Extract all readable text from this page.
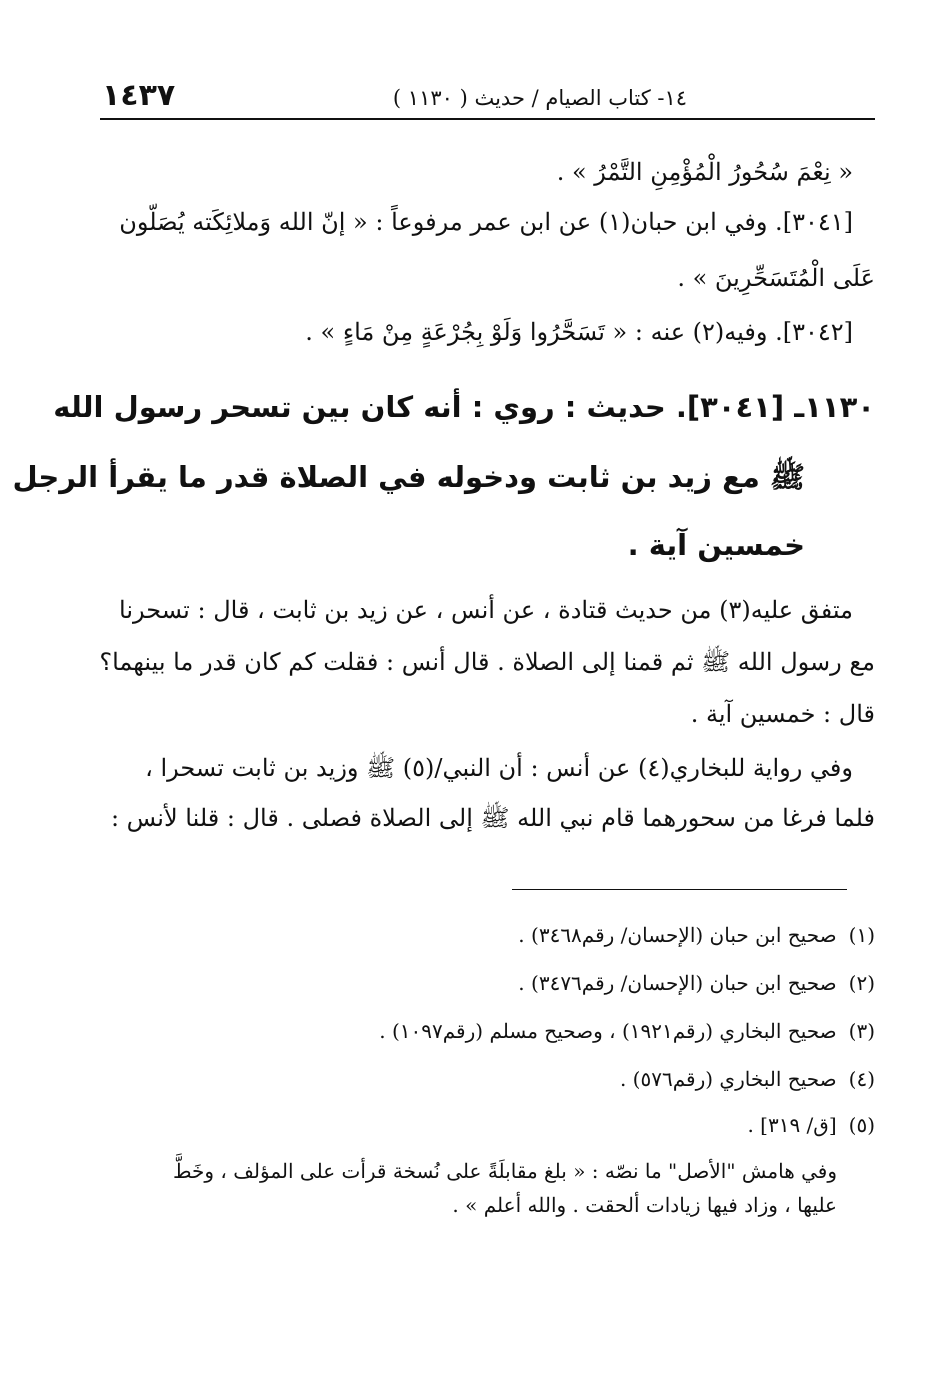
١٤٣٧	١٤- كتاب الصيام / حديث ( ١١٣٠ )
« نِعْمَ سُحُورُ الْمُؤْمِنِ التَّمْرُ » .
[٣٠٤١]. وفي ابن حبان(١) عن ابن عمر مرفوعاً : « إنّ الله وَملائِكَته يُصَلّون
عَلَى الْمُتَسَحِّرِينَ » .
[٣٠٤٢]. وفيه(٢) عنه : « تَسَحَّرُوا وَلَوْ بِجُرْعَةٍ مِنْ مَاءٍ » .
١١٣٠ـ [٣٠٤١]. حديث : روي : أنه كان بين تسحر رسول الله
ﷺ مع زيد بن ثابت ودخوله في الصلاة قدر ما يقرأ الرجل
خمسين آية .
متفق عليه(٣) من حديث قتادة ، عن أنس ، عن زيد بن ثابت ، قال : تسحرنا
مع رسول الله ﷺ ثم قمنا إلى الصلاة . قال أنس : فقلت كم كان قدر ما بينهما؟
قال : خمسين آية .
وفي رواية للبخاري(٤) عن أنس : أن النبي/(٥) ﷺ وزيد بن ثابت تسحرا ،
فلما فرغا من سحورهما قام نبي الله ﷺ إلى الصلاة فصلى . قال : قلنا لأنس :
(١)صحيح ابن حبان (الإحسان/ رقم٣٤٦٨) .
(٢)صحيح ابن حبان (الإحسان/ رقم٣٤٧٦) .
(٣)صحيح البخاري (رقم١٩٢١) ، وصحيح مسلم (رقم١٠٩٧) .
(٤)صحيح البخاري (رقم٥٧٦) .
(٥)[ق/ ٣١٩] .
وفي هامش "الأصل" ما نصّه : « بلغ مقابلَةً على نُسخة قرأت على المؤلف ، وخَطَّ
عليها ، وزاد فيها زيادات ألحقت . والله أعلم » .
